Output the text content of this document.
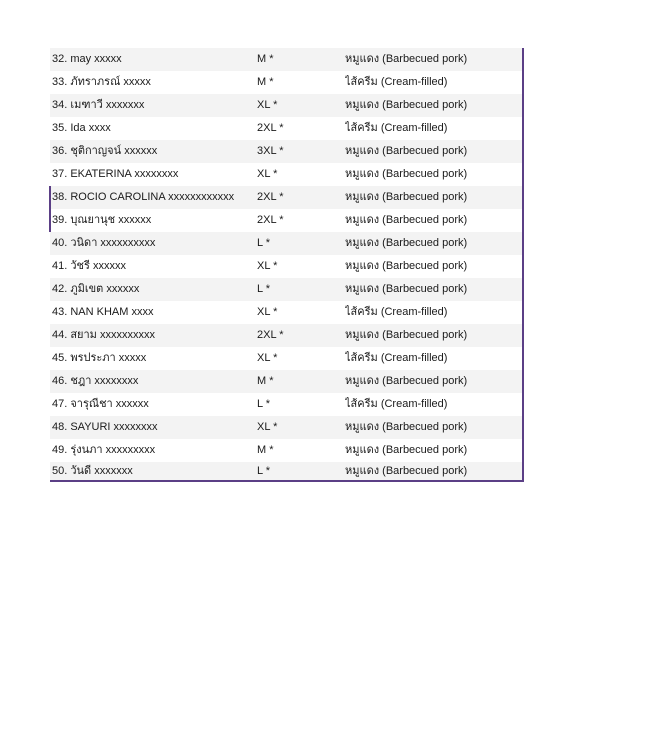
32. may xxxxx	M *	หมูแดง (Barbecued pork)
33. ภัทราภรณ์ xxxxx	M *	ไส้ครีม (Cream-filled)
34. เมฑาวี xxxxxxx	XL *	หมูแดง (Barbecued pork)
35. Ida xxxx	2XL *	ไส้ครีม (Cream-filled)
36. ชุติกาญจน์ xxxxxx	3XL *	หมูแดง (Barbecued pork)
37. EKATERINA xxxxxxxx	XL *	หมูแดง (Barbecued pork)
38. ROCIO CAROLINA xxxxxxxxxxxx	2XL *	หมูแดง (Barbecued pork)
39. บุณยานุช xxxxxx	2XL *	หมูแดง (Barbecued pork)
40. วนิดา xxxxxxxxxx	L *	หมูแดง (Barbecued pork)
41. วัชรี xxxxxx	XL *	หมูแดง (Barbecued pork)
42. ภูมิเขต xxxxxx	L *	หมูแดง (Barbecued pork)
43. NAN KHAM xxxx	XL *	ไส้ครีม (Cream-filled)
44. สยาม xxxxxxxxxx	2XL *	หมูแดง (Barbecued pork)
45. พรประภา xxxxx	XL *	ไส้ครีม (Cream-filled)
46. ชฎา xxxxxxxx	M *	หมูแดง (Barbecued pork)
47. จารุณีชา xxxxxx	L *	ไส้ครีม (Cream-filled)
48. SAYURI xxxxxxxx	XL *	หมูแดง (Barbecued pork)
49. รุ่งนภา xxxxxxxxx	M *	หมูแดง (Barbecued pork)
50. วันดี xxxxxxx	L *	หมูแดง (Barbecued pork)
